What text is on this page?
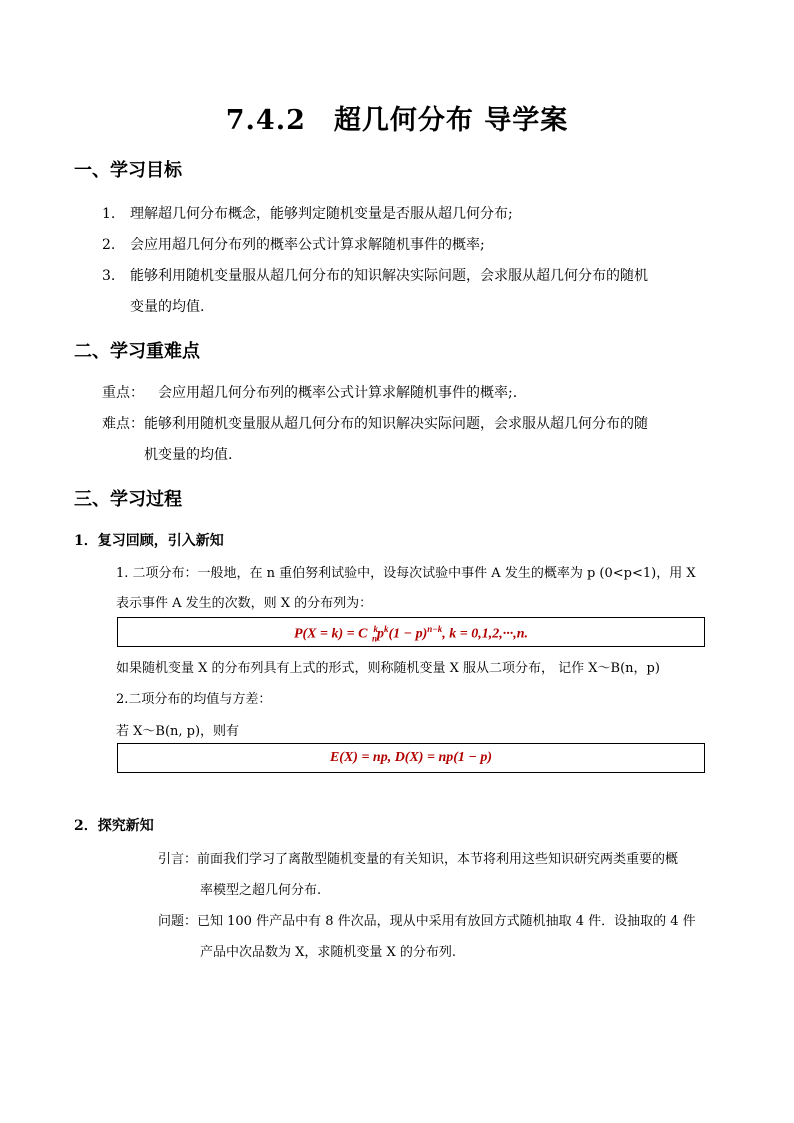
7.4.2　超几何分布 导学案
一、学习目标
1. 理解超几何分布概念，能够判定随机变量是否服从超几何分布;
2. 会应用超几何分布列的概率公式计算求解随机事件的概率;
3. 能够利用随机变量服从超几何分布的知识解决实际问题，会求服从超几何分布的随机
变量的均值.
二、学习重难点
重点： 会应用超几何分布列的概率公式计算求解随机事件的概率;.
难点：能够利用随机变量服从超几何分布的知识解决实际问题，会求服从超几何分布的随
机变量的均值.
三、学习过程
1．复习回顾，引入新知
1. 二项分布：一般地，在 n 重伯努利试验中，设每次试验中事件 A 发生的概率为 p (0<p<1)，用 X
表示事件 A 发生的次数，则 X 的分布列为：
P(X = k) = C $^k_np^k(1 - p)^{n-k}$, k = 0,1,2,···,n.
如果随机变量 X 的分布列具有上式的形式，则称随机变量 X 服从二项分布， 记作 X～B(n，p)
2.二项分布的均值与方差：
若 X～B(n, p)，则有
E(X) = np, D(X) = np(1 − p)
2．探究新知
引言：前面我们学习了离散型随机变量的有关知识，本节将利用这些知识研究两类重要的概
率模型之超几何分布.
问题：已知 100 件产品中有 8 件次品，现从中采用有放回方式随机抽取 4 件．设抽取的 4 件
产品中次品数为 X，求随机变量 X 的分布列.
